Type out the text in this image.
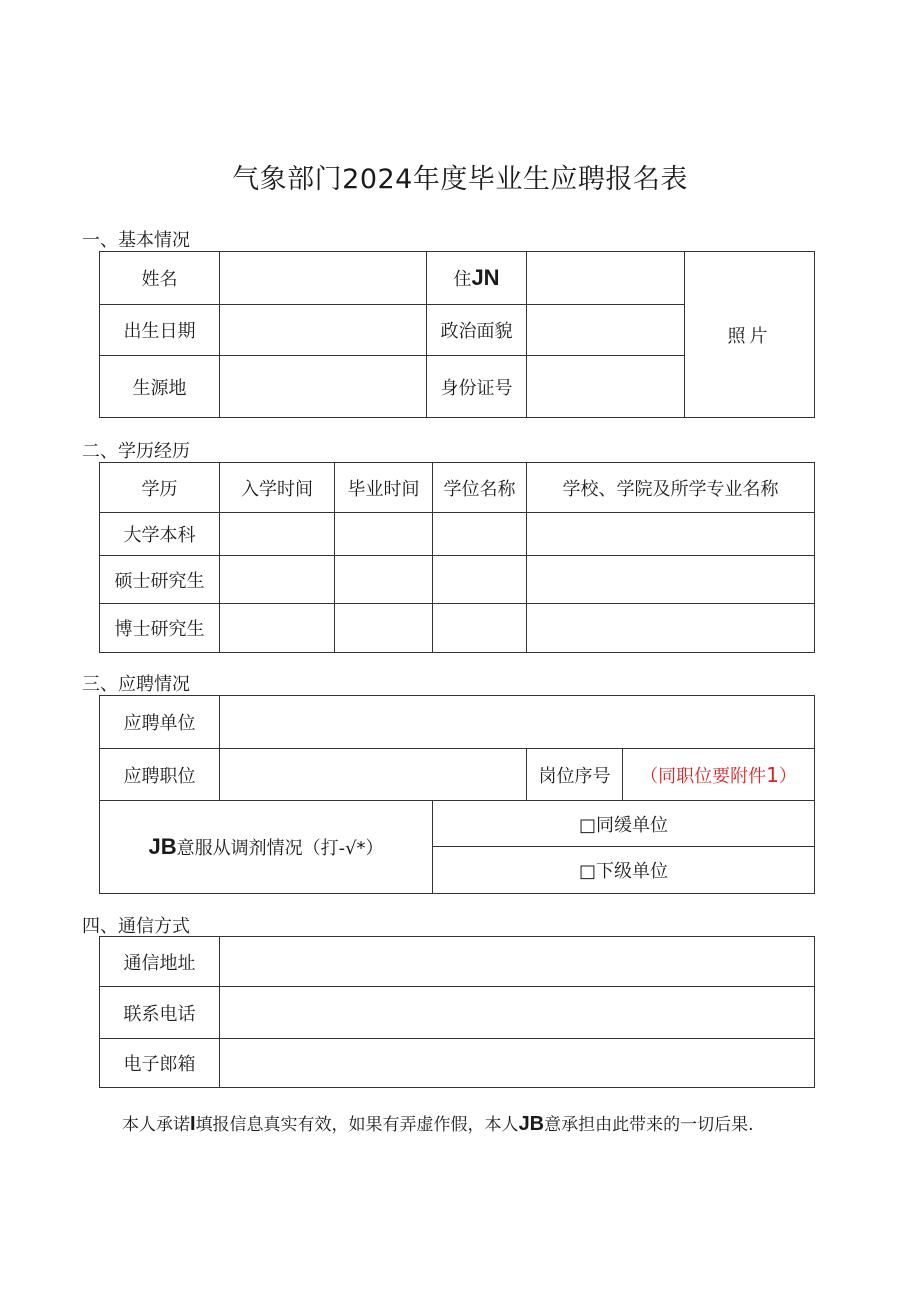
气象部门2024年度毕业生应聘报名表
一、基本情况
姓名		住JN		照片
出生日期		政治面貌		
生源地		身份证号		
二、学历经历
学历	入学时间	毕业时间	学位名称	学校、学院及所学专业名称
大学本科				
硕士研究生				
博士研究生				
三、应聘情况
应聘单位				
应聘职位			岗位序号	（同职位要附件1）
JB意服从调剂情况（打-√*）		□同缓单位		
		□下级单位		
四、通信方式
通信地址	
联系电话	
电子郎箱	
本人承诺I填报信息真实有效，如果有弄虚作假，本人JB意承担由此带来的一切后果.
